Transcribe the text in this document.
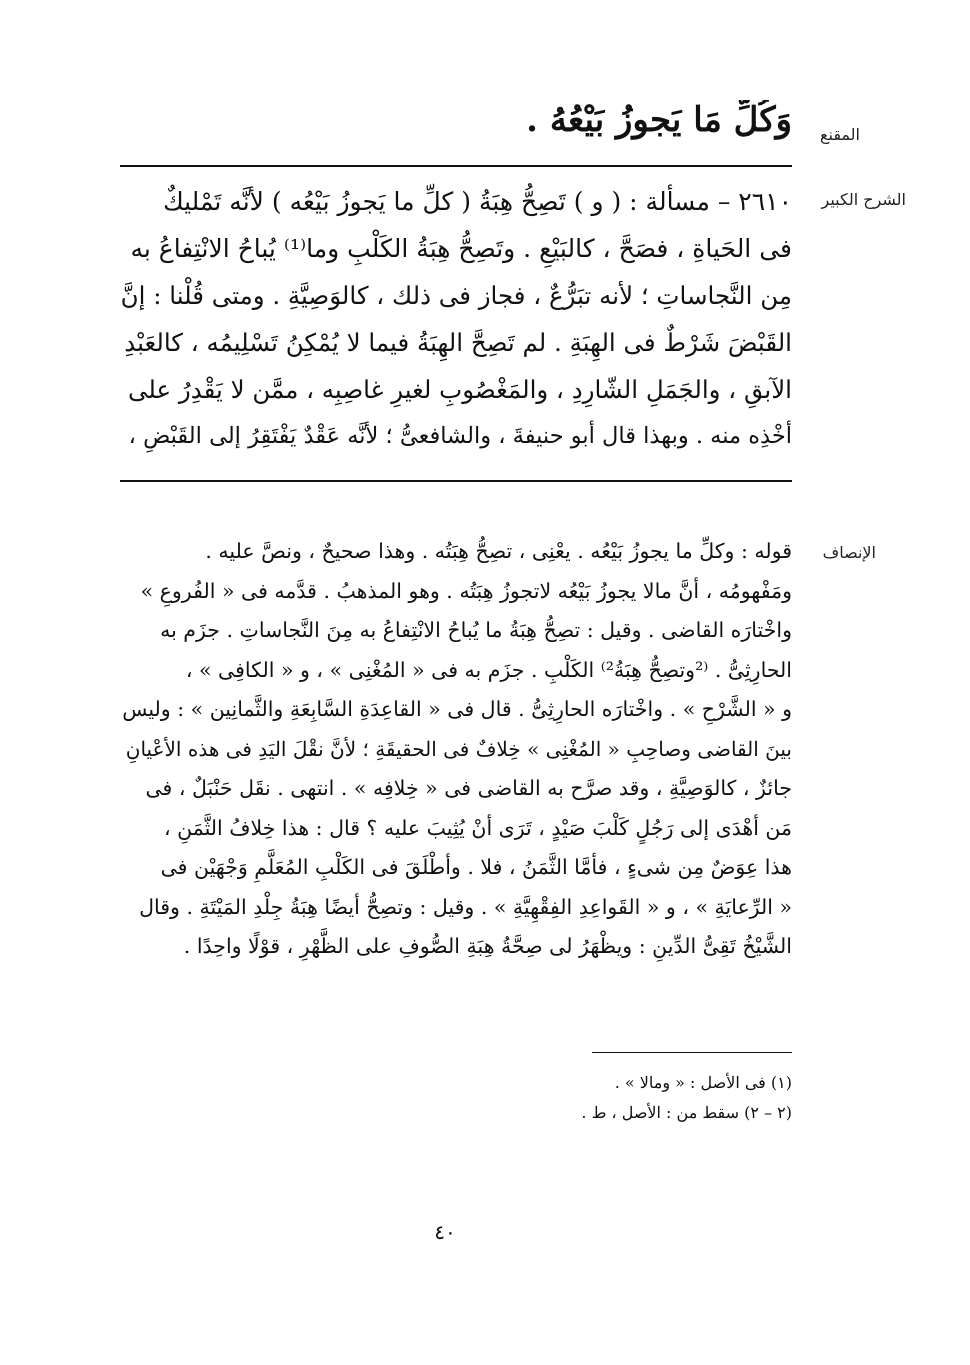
المقنع
وَكُلِّ مَا يَجوزُ بَيْعُهُ .
الشرح الكبير
٢٦١٠ – مسألة : ( و ) تَصِحُّ هِبَةُ ( كلِّ ما يَجوزُ بَيْعُه ) لأنَّه تَمْليكٌ
فى الحَياةِ ، فصَحَّ ، كالبَيْعِ . وتَصِحُّ هِبَةُ الكَلْبِ وما⁽¹⁾ يُباحُ الانْتِفاعُ به
مِن النَّجاساتِ ؛ لأنه تبَرُّعٌ ، فجاز فى ذلك ، كالوَصِيَّةِ . ومتى قُلْنا : إنَّ
القَبْضَ شَرْطٌ فى الهِبَةِ . لم تَصِحَّ الهِبَةُ فيما لا يُمْكِنُ تَسْلِيمُه ، كالعَبْدِ
الآبقِ ، والجَمَلِ الشّارِدِ ، والمَغْصُوبِ لغيرِ غاصِبِه ، ممَّن لا يَقْدِرُ على
أخْذِه منه . وبهذا قال أبو حنيفةَ ، والشافعىُّ ؛ لأنَّه عَقْدٌ يَفْتَقِرُ إلى القَبْضِ ،
الإنصاف
قوله : وكلِّ ما يجوزُ بَيْعُه . يعْنِى ، تصِحُّ هِبَتُه . وهذا صحيحٌ ، ونصَّ عليه .
ومَفْهومُه ، أنَّ مالا يجوزُ بَيْعُه لاتجوزُ هِبَتُه . وهو المذهبُ . قدَّمه فى « الفُروعِ »
واخْتارَه القاضى . وقيل : تصِحُّ هِبَةُ ما يُباحُ الانْتِفاعُ به مِنَ النَّجاساتِ . جزَم به
الحارِثِىُّ . ⁽²وتصِحُّ هِبَةُ²⁾ الكَلْبِ . جزَم به فى « المُغْنِى » ، و « الكافِى » ،
و « الشَّرْحِ » . واخْتارَه الحارِثِىُّ . قال فى « القاعِدَةِ السَّابِعَةِ والثَّمانِين » : وليس
بينَ القاضى وصاحِبِ « المُغْنِى » خِلافٌ فى الحقيقَةِ ؛ لأنَّ نقْلَ اليَدِ فى هذه الأعْيانِ
جائزٌ ، كالوَصِيَّةِ ، وقد صرَّح به القاضى فى « خِلافِه » . انتهى . نقَل حَنْبَلٌ ، فى
مَن أهْدَى إلى رَجُلٍ كَلْبَ صَيْدٍ ، تَرَى أنْ يُثِيبَ عليه ؟ قال : هذا خِلافُ الثَّمَنِ ،
هذا عِوَضٌ مِن شىءٍ ، فأمَّا الثَّمَنُ ، فلا . وأطْلَقَ فى الكَلْبِ المُعَلَّمِ وَجْهَيْن فى
« الرِّعايَةِ » ، و « القَواعِدِ الفِقْهِيَّةِ » . وقيل : وتصِحُّ أيضًا هِبَةُ جِلْدِ المَيْتَةِ . وقال
الشَّيْخُ تَقِىُّ الدِّينِ : ويظْهَرُ لى صِحَّةُ هِبَةِ الصُّوفِ على الظَّهْرِ ، قوْلًا واحِدًا .
(١) فى الأصل : « ومالا » .
(٢ – ٢) سقط من : الأصل ، ط .
٤٠
